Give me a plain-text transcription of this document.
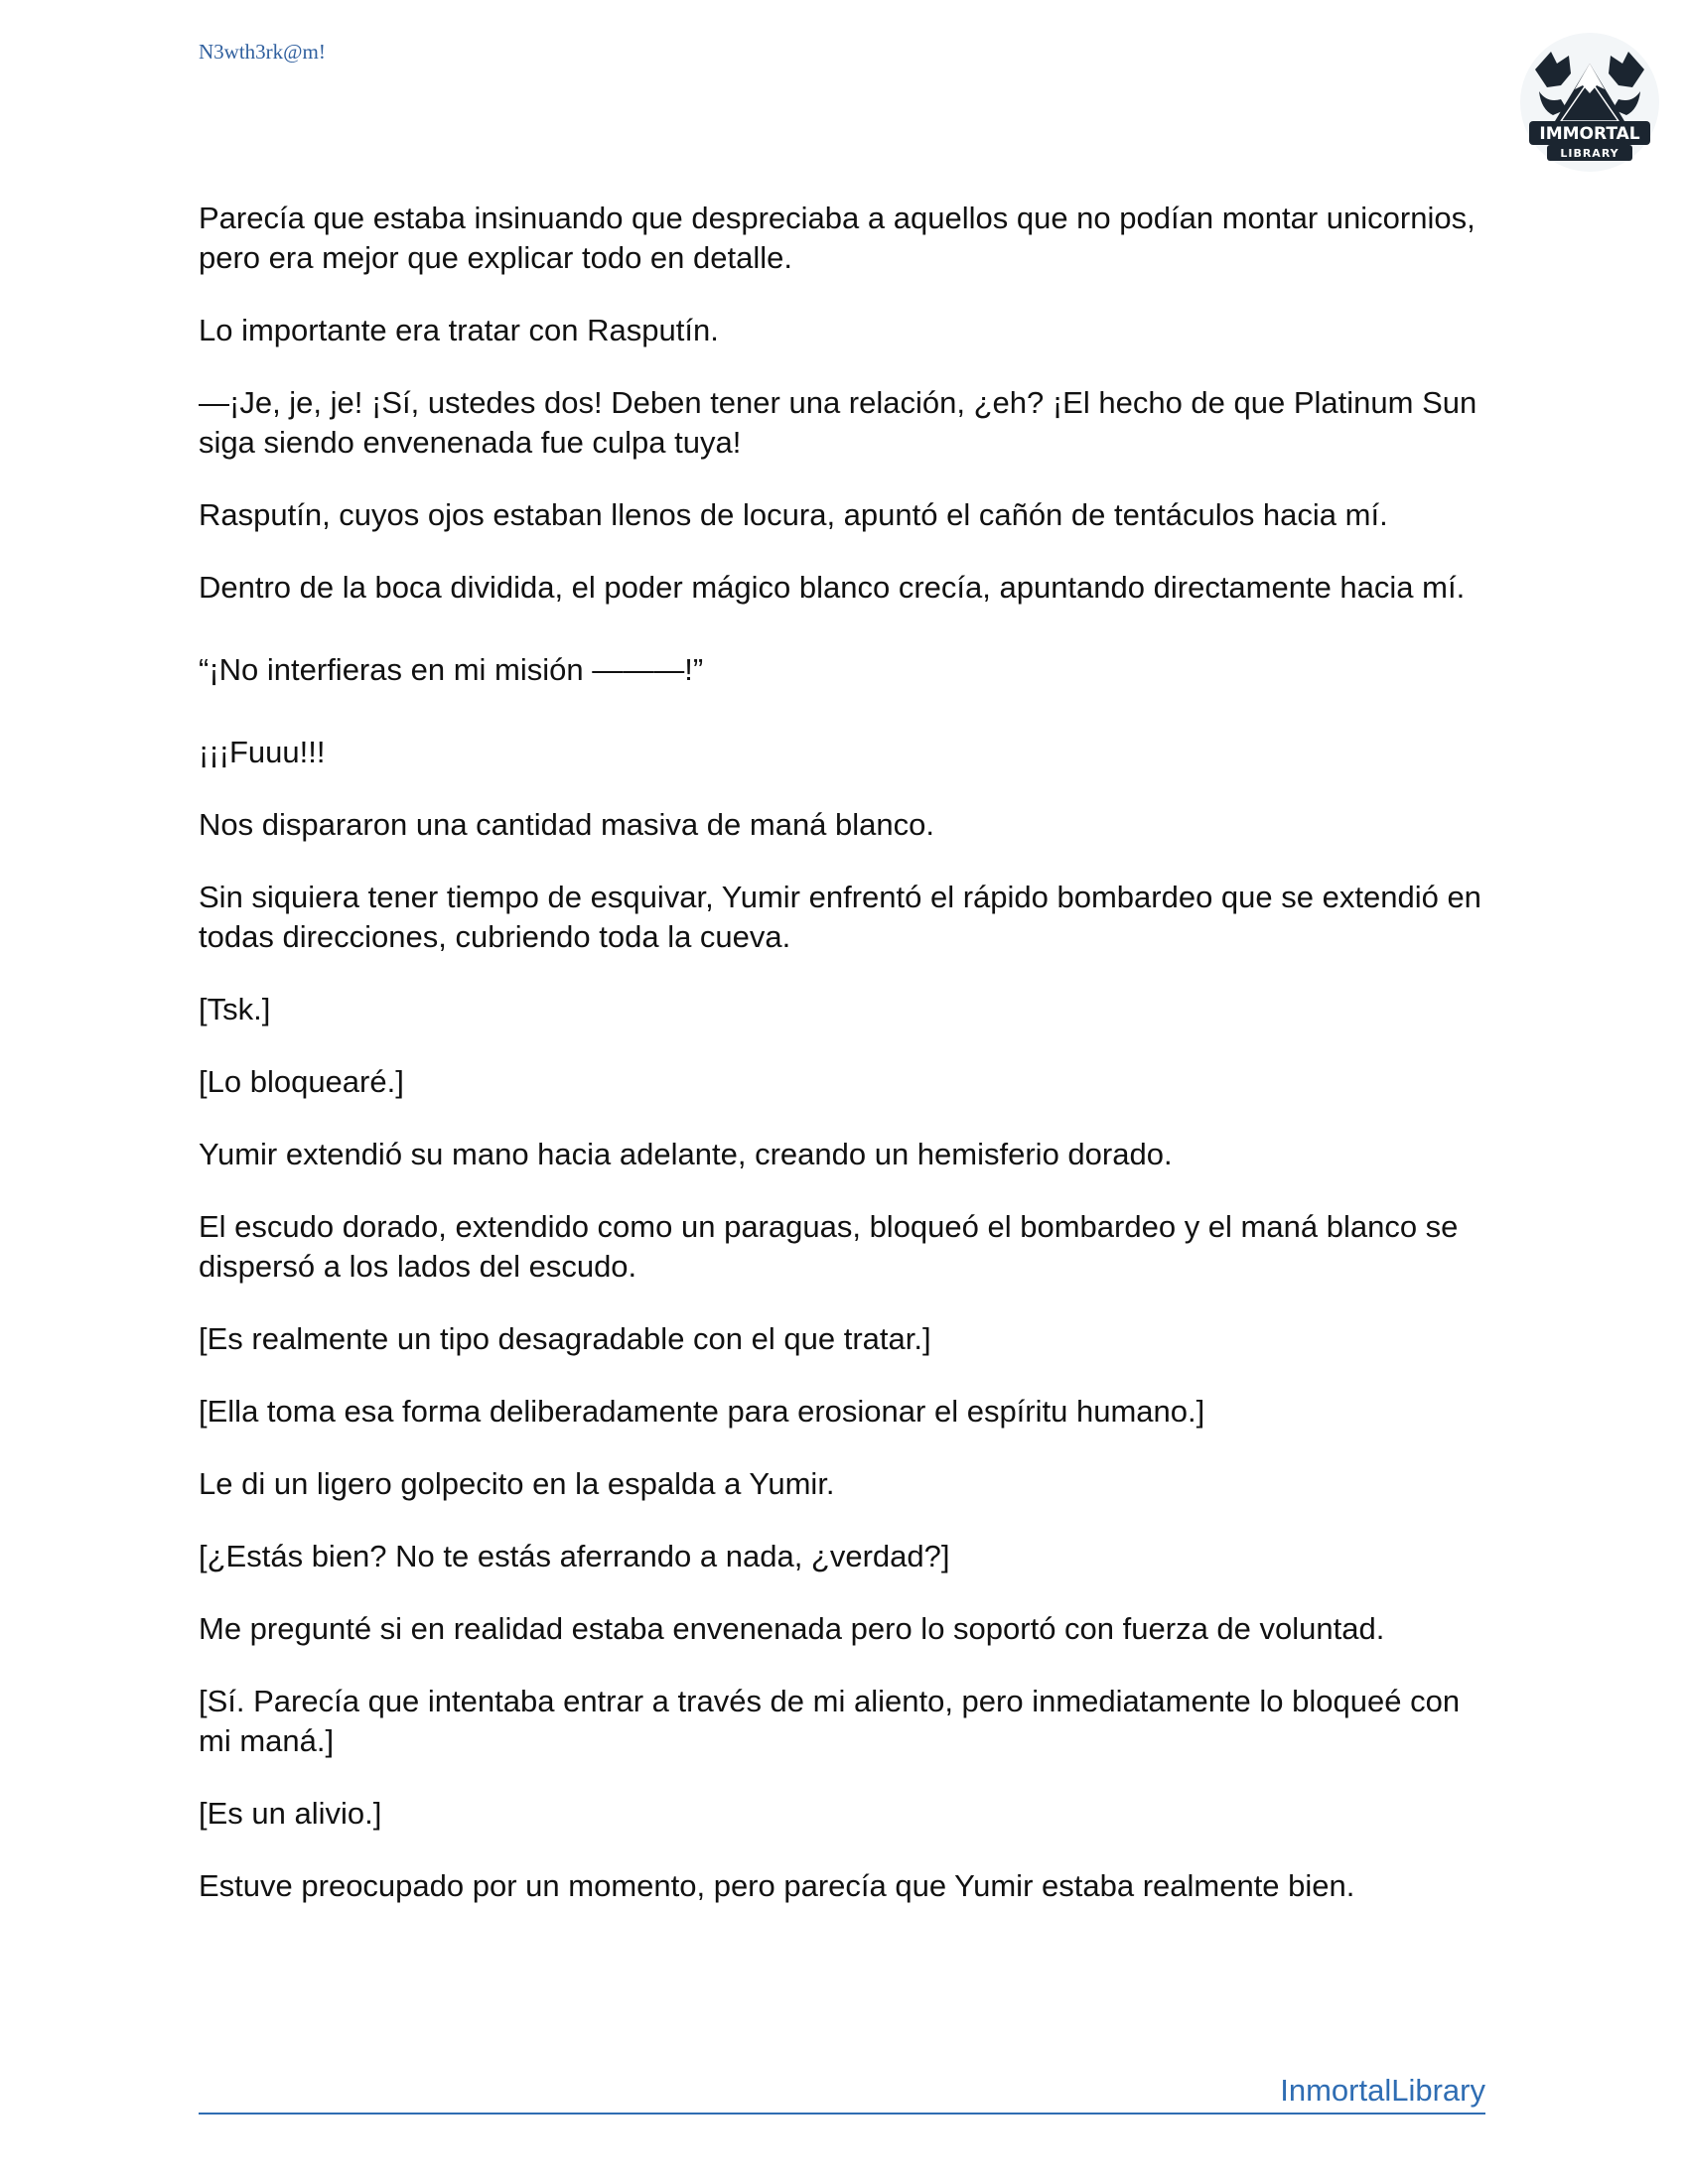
N3wth3rk@m!
IMMORTAL
LIBRARY

Parecía que estaba insinuando que despreciaba a aquellos que no podían montar unicornios, pero era mejor que explicar todo en detalle.

Lo importante era tratar con Rasputín.

—¡Je, je, je! ¡Sí, ustedes dos! Deben tener una relación, ¿eh? ¡El hecho de que Platinum Sun siga siendo envenenada fue culpa tuya!

Rasputín, cuyos ojos estaban llenos de locura, apuntó el cañón de tentáculos hacia mí.

Dentro de la boca dividida, el poder mágico blanco crecía, apuntando directamente hacia mí.

“¡No interfieras en mi misión ———!”

¡¡¡Fuuu!!!

Nos dispararon una cantidad masiva de maná blanco.

Sin siquiera tener tiempo de esquivar, Yumir enfrentó el rápido bombardeo que se extendió en todas direcciones, cubriendo toda la cueva.

[Tsk.]

[Lo bloquearé.]

Yumir extendió su mano hacia adelante, creando un hemisferio dorado.

El escudo dorado, extendido como un paraguas, bloqueó el bombardeo y el maná blanco se dispersó a los lados del escudo.

[Es realmente un tipo desagradable con el que tratar.]

[Ella toma esa forma deliberadamente para erosionar el espíritu humano.]

Le di un ligero golpecito en la espalda a Yumir.

[¿Estás bien? No te estás aferrando a nada, ¿verdad?]

Me pregunté si en realidad estaba envenenada pero lo soportó con fuerza de voluntad.

[Sí. Parecía que intentaba entrar a través de mi aliento, pero inmediatamente lo bloqueé con mi maná.]

[Es un alivio.]

Estuve preocupado por un momento, pero parecía que Yumir estaba realmente bien.

InmortalLibrary
